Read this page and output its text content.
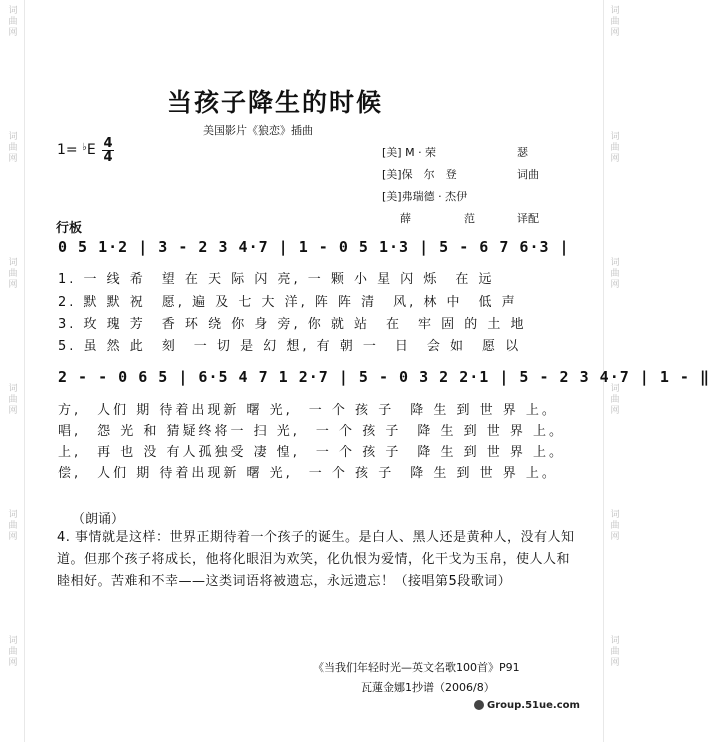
词
曲
网
词
曲
网
词
曲
网
词
曲
网
词
曲
网
词
曲
网
词
曲
网
词
曲
网
词
曲
网
词
曲
网
词
曲
网
词
曲
网
当孩子降生的时候
美国影片《狼恋》插曲
1= ♭E 4
4	[美] M · 荣	瑟
[美]保　尔　登	词曲
[美]弗瑞德 · 杰伊
薛	范	译配
行板
0 5 1·2 | 3 - 2 3 4·7 | 1 - 0 5 1·3 | 5 - 6 7 6·3 |
2 - - 0 6 5 | 6·5 4 7 1 2·7 | 5 - 0 3 2 2·1 | 5 - 2 3 4·7 | 1 - ‖
1. 一 线 希　望 在 天 际 闪 亮, 一 颗 小 星 闪 烁　在 远
2. 默 默 祝　愿, 遍 及 七 大 洋, 阵 阵 清　风, 林 中　低 声
3. 玫 瑰 芳　香 环 绕 你 身 旁, 你 就 站　在　牢 固 的 土 地
5. 虽 然 此　刻　一 切 是 幻 想, 有 朝 一　日　会 如　愿 以
方,　人们 期 待着出现新 曙 光,　一 个 孩 子　降 生 到 世 界 上。
唱,　怨 光 和 猜疑终将一 扫 光,　一 个 孩 子　降 生 到 世 界 上。
上,　再 也 没 有人孤独受 凄 惶,　一 个 孩 子　降 生 到 世 界 上。
偿,　人们 期 待着出现新 曙 光,　一 个 孩 子　降 生 到 世 界 上。
（朗诵）
4. 事情就是这样：世界正期待着一个孩子的诞生。是白人、黑人还是黄种人，没有人知道。但那个孩子将成长，他将化眼泪为欢笑，化仇恨为爱情，化干戈为玉帛，使人人和睦相好。苦难和不幸——这类词语将被遗忘，永远遗忘！（接唱第5段歌词）
《当我们年轻时光—英文名歌100首》P91
瓦蓮金娜1抄谱（2006/8）
Group.51ue.com
